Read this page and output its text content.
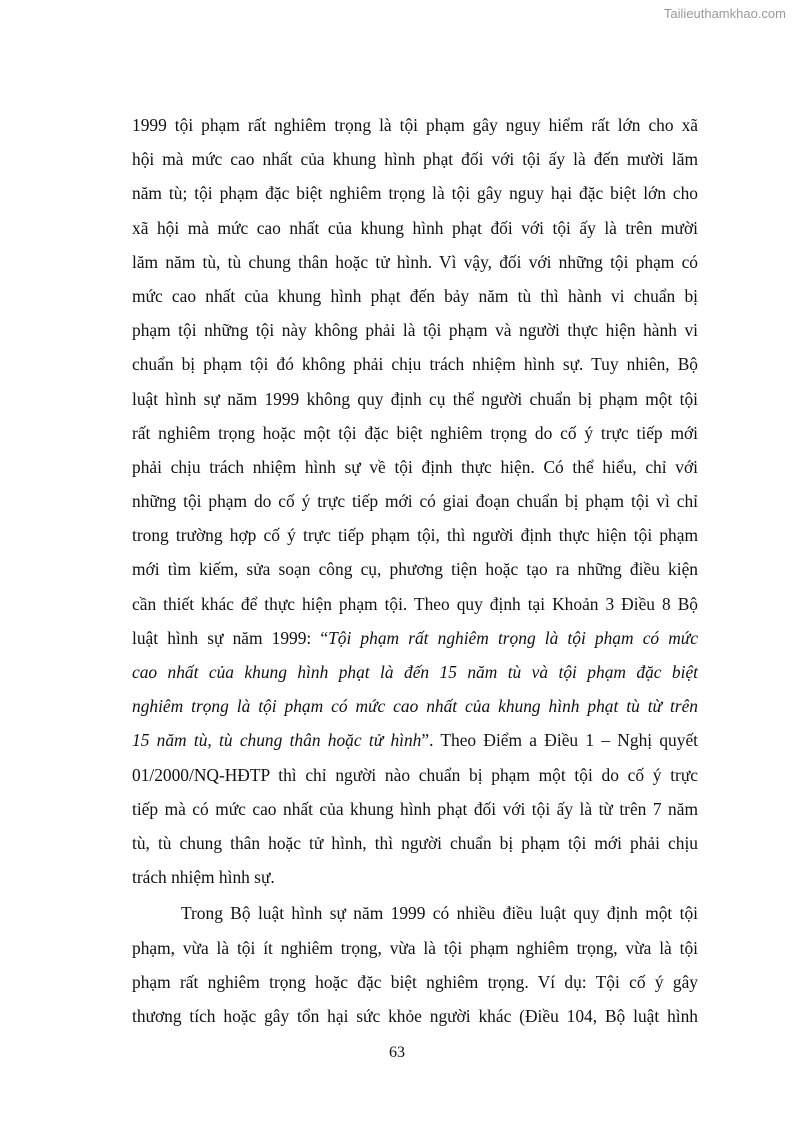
Tailieuthamkhao.com
1999 tội phạm rất nghiêm trọng là tội phạm gây nguy hiểm rất lớn cho xã
hội mà mức cao nhất của khung hình phạt đối với tội ấy là đến mười lăm
năm tù; tội phạm đặc biệt nghiêm trọng là tội gây nguy hại đặc biệt lớn cho
xã hội mà mức cao nhất của khung hình phạt đối với tội ấy là trên mười
lăm năm tù, tù chung thân hoặc tử hình. Vì vậy, đối với những tội phạm có
mức cao nhất của khung hình phạt đến bảy năm tù thì hành vi chuẩn bị
phạm tội những tội này không phải là tội phạm và người thực hiện hành vi
chuẩn bị phạm tội đó không phải chịu trách nhiệm hình sự. Tuy nhiên, Bộ
luật hình sự năm 1999 không quy định cụ thể người chuẩn bị phạm một tội
rất nghiêm trọng hoặc một tội đặc biệt nghiêm trọng do cố ý trực tiếp mới
phải chịu trách nhiệm hình sự về tội định thực hiện. Có thể hiểu, chỉ với
những tội phạm do cố ý trực tiếp mới có giai đoạn chuẩn bị phạm tội vì chỉ
trong trường hợp cố ý trực tiếp phạm tội, thì người định thực hiện tội phạm
mới tìm kiếm, sửa soạn công cụ, phương tiện hoặc tạo ra những điều kiện
cần thiết khác để thực hiện phạm tội. Theo quy định tại Khoản 3 Điều 8 Bộ
luật hình sự năm 1999: “Tội phạm rất nghiêm trọng là tội phạm có mức
cao nhất của khung hình phạt là đến 15 năm tù và tội phạm đặc biệt
nghiêm trọng là tội phạm có mức cao nhất của khung hình phạt tù từ trên
15 năm tù, tù chung thân hoặc tử hình”. Theo Điểm a Điều 1 – Nghị quyết
01/2000/NQ-HĐTP thì chỉ người nào chuẩn bị phạm một tội do cố ý trực
tiếp mà có mức cao nhất của khung hình phạt đối với tội ấy là từ trên 7 năm
tù, tù chung thân hoặc tử hình, thì người chuẩn bị phạm tội mới phải chịu
trách nhiệm hình sự.
Trong Bộ luật hình sự năm 1999 có nhiều điều luật quy định một tội
phạm, vừa là tội ít nghiêm trọng, vừa là tội phạm nghiêm trọng, vừa là tội
phạm rất nghiêm trọng hoặc đặc biệt nghiêm trọng. Ví dụ: Tội cố ý gây
thương tích hoặc gây tổn hại sức khỏe người khác (Điều 104, Bộ luật hình
63
